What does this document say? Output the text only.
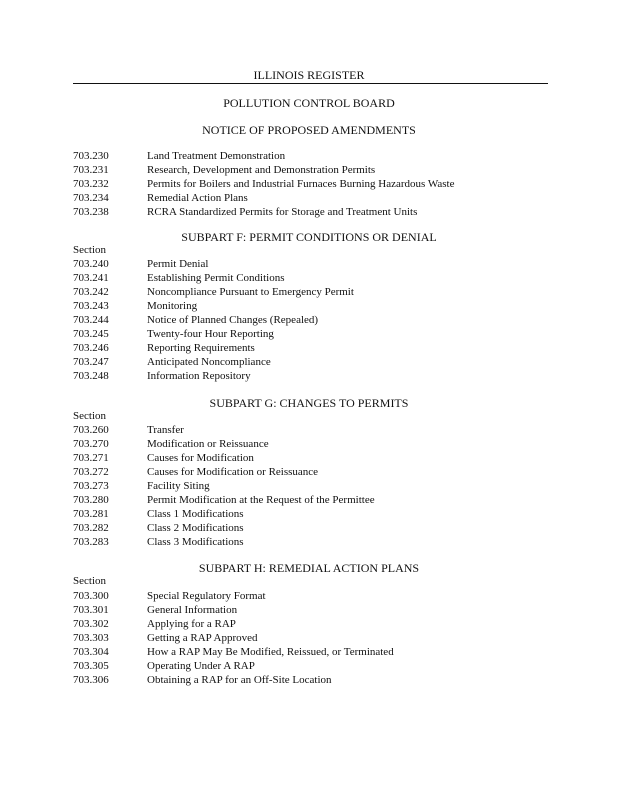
ILLINOIS REGISTER
POLLUTION CONTROL BOARD
NOTICE OF PROPOSED AMENDMENTS
703.230	Land Treatment Demonstration
703.231	Research, Development and Demonstration Permits
703.232	Permits for Boilers and Industrial Furnaces Burning Hazardous Waste
703.234	Remedial Action Plans
703.238	RCRA Standardized Permits for Storage and Treatment Units
SUBPART F: PERMIT CONDITIONS OR DENIAL
Section
703.240	Permit Denial
703.241	Establishing Permit Conditions
703.242	Noncompliance Pursuant to Emergency Permit
703.243	Monitoring
703.244	Notice of Planned Changes (Repealed)
703.245	Twenty-four Hour Reporting
703.246	Reporting Requirements
703.247	Anticipated Noncompliance
703.248	Information Repository
SUBPART G: CHANGES TO PERMITS
Section
703.260	Transfer
703.270	Modification or Reissuance
703.271	Causes for Modification
703.272	Causes for Modification or Reissuance
703.273	Facility Siting
703.280	Permit Modification at the Request of the Permittee
703.281	Class 1 Modifications
703.282	Class 2 Modifications
703.283	Class 3 Modifications
SUBPART H: REMEDIAL ACTION PLANS
Section
703.300	Special Regulatory Format
703.301	General Information
703.302	Applying for a RAP
703.303	Getting a RAP Approved
703.304	How a RAP May Be Modified, Reissued, or Terminated
703.305	Operating Under A RAP
703.306	Obtaining a RAP for an Off-Site Location
